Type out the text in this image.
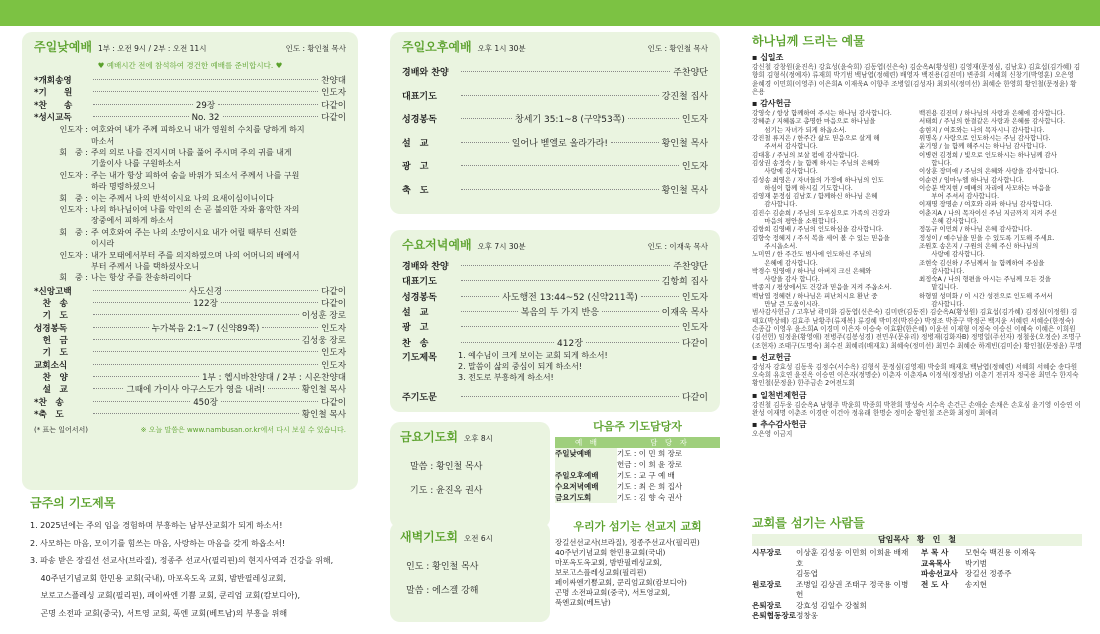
주일낮예배 1부 : 오전 9시 / 2부 : 오전 11시	인도 : 황인철 목사
♥ 예배시간 전에 참석하여 경건한 예배를 준비합시다. ♥
*개회송영	찬양대
*기　　원	인도자
*찬　　송	29장	다같이
*성시교독	No. 32	다같이
인도자 : 여호와여 내가 주께 피하오니 내가 영원히 수치를 당하게 하지
마소서
회　중 : 주의 의로 나를 건지시며 나를 풀어 주시며 주의 귀를 내게
기울이사 나를 구원하소서
인도자 : 주는 내가 항상 피하여 숨을 바위가 되소서 주께서 나를 구원
하라 명령하셨으니
회　중 : 이는 주께서 나의 반석이시요 나의 요새이심이니이다
인도자 : 나의 하나님이여 나를 악인의 손 곧 불의한 자와 흉악한 자의
장중에서 피하게 하소서
회　중 : 주 여호와여 주는 나의 소망이시요 내가 어릴 때부터 신뢰한
이시라
인도자 : 내가 모태에서부터 주를 의지하였으며 나의 어머니의 배에서
부터 주께서 나를 택하셨사오니
회　중 : 나는 항상 주를 찬송하리이다
*신앙고백	사도신경	다같이
　찬　송	122장	다같이
　기　도	이성훈 장로
성경봉독	누가복음 2:1~7 (신약89쪽)	인도자
　헌　금	김성웅 장로
　기　도	인도자
교회소식	인도자
　찬　양	1부 : 헵시바찬양대 / 2부 : 시온찬양대
　설　교	그때에 가이사 아구스도가 영을 내려!	황인철 목사
*찬　송	450장	다같이
*축　도	황인철 목사
(* 표는 일어서서)	※ 오늘 말씀은 www.nambusan.or.kr에서 다시 보실 수 있습니다.
금주의 기도제목
1. 2025년에는 주의 임을 경험하며 부흥하는 남부산교회가 되게 하소서!
2. 사모하는 마음, 모이기를 힘쓰는 마음, 사랑하는 마음을 갖게 하옵소서!
3. 파송 받은 장길선 선교사(브라질), 정종주 선교사(필리핀)의 현지사역과 건강을 위해,
　 40주년기념교회 한민용 교회(국내), 마포옥도옥 교회, 밤반필레싱교회,
　 보로고스플레싱 교회(필리핀), 페이싸엔 기쁨 교회, 쿤리엄 교회(캄보디아),
　 곤명 소전파 교회(중국), 서트영 교회, 푹엔 교회(베트남)의 부흥을 위해
주일오후예배 오후 1시 30분	인도 : 황인철 목사
경배와 찬양	주찬양단
대표기도	강진철 집사
성경봉독	창세기 35:1~8 (구약53쪽)	인도자
설　교	일어나 벧엘로 올라가라!	황인철 목사
광　고	인도자
축　도	황인철 목사
수요저녁예배 오후 7시 30분	인도 : 이재욱 목사
경배와 찬양	주찬양단
대표기도	김항희 집사
성경봉독	사도행전 13:44~52 (신약211쪽)	인도자
설　교	복음의 두 가지 반응	이재욱 목사
광　고	인도자
찬　송	412장	다같이
기도제목	1. 예수님이 크게 보이는 교회 되게 하소서!
2. 말씀이 삶의 중심이 되게 하소서!
3. 전도로 부흥하게 하소서!
주기도문	다같이
금요기도회 오후 8시
말씀 : 황인철 목사
기도 : 윤진옥 권사
새벽기도회 오전 6시
인도 : 황인철 목사
말씀 : 에스겔 강해
다음주 기도담당자
예　배	담　당　자
주일낮예배	기도 : 이 민 희 장로
	헌금 : 이 희 윤 장로
주일오후예배	기도 : 교 구 예 배
수요저녁예배	기도 : 최 은 희 집사
금요기도회	기도 : 김 향 숙 권사
우리가 섬기는 선교지 교회
장길선선교사(브라질), 정종주선교사(필리핀)
40주년기념교회 한민용교회(국내)
마포옥도옥교회, 밤반필레싱교회,
보로고스플레싱교회(필리핀)
페이싸엔기쁨교회, 쿤리엄교회(캄보디아)
곤명 소전파교회(중국), 서트영교회,
푹엔교회(베트남)
하나님께 드리는 예물
▪ 십일조
강신철 강창원(윤진옥) 강효성(윤숙희) 김동엽(신은숙) 김순옥A(황성원) 김영재(문정심, 김남호) 김효섭(김가혜) 김향희 김형식(정예자) 류재희 박기범 백남엽(정혜련) 배영자 백진용(김진미) 변종희 서혜희 신창기(박영훈) 오은영 윤혜경 이민희(이영주) 이은희A 이재욱A 이향주 조병일(김성자) 최외식(정미선) 최혜순 한영희 황인철(문정윤) 황은용
▪ 감사헌금
강영숙 / 항상 함께하여 주시는 하나님 감사합니다.
강혜준 / 지혜롭고 총명한 마음으로 하나님을
　섬기는 자녀가 되게 하옵소서.
강진철 류지은 / 한주간 삶도 믿음으로 살게 해
　주셔서 감사합니다.
김대홍 / 주님의 보살 펌에 감사합니다.
김상권 송정숙 / 늘 함께 하시는 주님의 은혜와
　사랑에 감사합니다.
김성송 최영은 / 자녀들의 가정에 하나님의 인도
　하심이 함께 하시길 기도합니다.
김영재 문정심 김남호 / 함께하신 하나님 은혜
　감사합니다.
김진수 김순희 / 주님의 도우심으로 가족의 건강과
　마음의 평안을 소원합니다.
김항희 김영배 / 주님의 인도하심을 감사합니다.
김향숙 정혜지 / 주식 복을 세어 볼 수 있는 믿음을
　주시옵소서.
노미연 / 한 주간도 범사에 인도하신 주님의
　은혜에 감사합니다.
박경수 임영애 / 하나님 아버지 크신 은혜와
　사랑을 감사 합니다.
박종지 / 평상에서도 건강과 믿음을 지켜 주옵소서.
백남엽 정혜련 / 하나님은 피난처시요 환난 중
　만날 큰 도움이시라.
백진용 김진미 / 하나님의 사랑과 은혜에 감사합니다.
서태희 / 주님의 한결같은 사랑과 은혜를 감사합니다.
송현지 / 여호와는 나의 목자시니 감사합니다.
위명옥 / 사랑으로 인도하시는 주님 감사합니다.
윤기영 / 늘 함께 해주시는 하나님 감사합니다.
이병련 김정희 / 빛으로 인도하시는 하나님께 감사
　합니다.
이상훈 장미애 / 주님의 은혜와 사랑을 감사합니다.
이순련 / 임마누엘 하나님 감사합니다.
이승분 박지현 / 예배의 자리에 사모하는 마음을
　부어 주셔서 감사합니다.
이재명 장명순 / 여호와 라파 하나님 감사합니다.
이춘지A / 나의 목자이신 주님 지금까지 지켜 주신
　은혜 감사합니다.
정동규 이민희 / 하나님 은혜 감사합니다.
정성이 / 예수님을 믿을 수 있도록 기도해 주세요.
조원호 송은지 / 구원의 은혜 주신 하나님의
　사랑에 감사합니다.
조현숙 김신하 / 주님께서 늘 함께하여 주심을
　감사합니다.
최정숙A / 나의 형편을 아시는 주님께 모든 것을
　맡깁니다.
하형열 성미화 / 이 시간 성전으로 인도해 주셔서
　감사합니다.
범사감사헌금 / 고후남 곽미화 김동엽(신은숙) 김미란(김동진) 김순옥A(황성원) 김효섭(김가혜) 김정심(이정원) 김태호(박상혜) 김효주 남황주(류재복) 류경혜 박미진(박진순) 박정조 박종구 박정곤 백지윤 서혜련 서혜순(한정숙) 손종갑 이영우 윤소희A 이경미 이은자 이승숙 이효환(한은혜) 이윤선 이재형 이정숙 이승신 이혜숙 이혜은 이희원(김선헌) 임정윤(황영애) 전병주(김봉성경) 전민우(문유리) 정병재(김화자B) 정명일(주선자) 정철웅(오정순) 조명구(조현자) 조태구(도명숙) 최수진 최혜리(배재호) 최혜숙(정미선) 최민수 최혜순 하계빈(김미순) 황인철(문정윤) 무명
▪ 선교헌금
강성자 강효성 김동욱 김정수(서수옥) 김형식 문정심(김영재) 박숭희 배재호 백남엽(정혜련) 서혜희 서혜순 송다원 오숙희 유호연 윤진옥 이승연 이은자(정명순) 이춘자 이춘자A 이정석(정정남) 이춘기 전귀자 정국용 최민수 한지숙 황인철(문정윤) 한주금손 2여전도회
▪ 일천번제헌금
강진철 김두웅 김순옥A 남형주 박윤희 박종희 박찬희 방성숙 서수옥 손건근 손애순 손채은 손호심 윤기영 이승연 이완성 이재명 이춘조 이경란 이건아 정유래 한명순 정미순 황인철 조은화 최정미 최애리
▪ 추수감사헌금
오은영 이금지
교회를 섬기는 사람들
담임목사　황　인　철
시무장로	이상훈 김성웅 이민희 이희윤 배재호
김동엽
원로장로	조병일 김상권 조태구 정국용 이병헌
은퇴장로	강효성 김일수 강철희
은퇴협동장로 정창웅
부 목 사	모현숙 백진용 이재욱
교육목사	박기범
파송선교사 장길선 정종주
전 도 사	송지현
